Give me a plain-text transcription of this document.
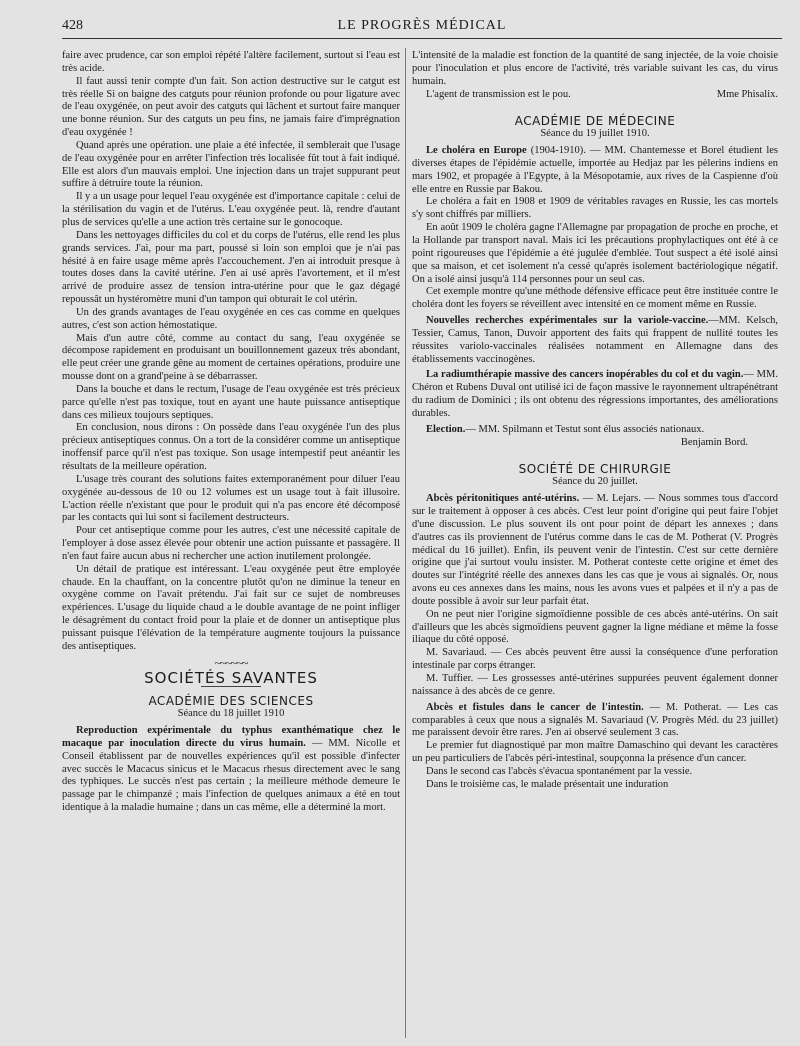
428	LE PROGRÈS MÉDICAL

faire avec prudence, car son emploi répété l'altère facilement, surtout si l'eau est très acide.

Il faut aussi tenir compte d'un fait. Son action destructive sur le catgut est très réelle Si on baigne des catguts pour réunion profonde ou pour ligature avec de l'eau oxygénée, on peut avoir des catguts qui lâchent et surtout faire manquer une bonne réunion. Sur des catguts un peu fins, ne jamais faire d'imprégnation d'eau oxygénée !

Quand après une opération. une plaie a été infectée, il semblerait que l'usage de l'eau oxygénée pour en arrêter l'infection très localisée fût tout à fait indiqué. Elle est alors d'un mauvais emploi. Une injection dans un trajet suppurant peut suffire à détruire toute la réunion.

Il y a un usage pour lequel l'eau oxygénée est d'importance capitale : celui de la stérilisation du vagin et de l'utérus. L'eau oxygénée peut. là, rendre d'autant plus de services qu'elle a une action très certaine sur le gonocoque.

Dans les nettoyages difficiles du col et du corps de l'utérus, elle rend les plus grands services. J'ai, pour ma part, poussé si loin son emploi que je n'ai pas hésité à en faire usage même après l'accouchement. J'en ai introduit presque à toutes doses dans la cavité utérine. J'en ai usé après l'avortement, et il m'est arrivé de produire assez de tension intra-utérine pour que le gaz dégagé repoussât un hystéromètre muni d'un tampon qui obturait le col utérin.

Un des grands avantages de l'eau oxygénée en ces cas comme en quelques autres, c'est son action hémostatique.

Mais d'un autre côté, comme au contact du sang, l'eau oxygénée se décompose rapidement en produisant un bouillonnement gazeux très abondant, elle peut créer une grande gêne au moment de certaines opérations, produire une mousse dont on a grand'peine à se débarrasser.

Dans la bouche et dans le rectum, l'usage de l'eau oxygénée est très précieux parce qu'elle n'est pas toxique, tout en ayant une haute puissance antiseptique dans ces milieux toujours septiques.

En conclusion, nous dirons : On possède dans l'eau oxygénée l'un des plus précieux antiseptiques connus. On a tort de la considérer comme un antiseptique inoffensif parce qu'il n'est pas toxique. Son usage intempestif peut anéantir les résultats de la meilleure opération.

L'usage très courant des solutions faites extemporanément pour diluer l'eau oxygénée au-dessous de 10 ou 12 volumes est un usage tout à fait illusoire. L'action réelle n'existant que pour le produit qui n'a pas encore été décomposé par les contacts qui lui sont si facilement destructeurs.

Pour cet antiseptique comme pour les autres, c'est une nécessité capitale de l'employer à dose assez élevée pour obtenir une action puissante et passagère. Il n'en faut faire aucun abus ni rechercher une action inutilement prolongée.

Un détail de pratique est intéressant. L'eau oxygénée peut être employée chaude. En la chauffant, on la concentre plutôt qu'on ne diminue la teneur en oxygène comme on l'avait prétendu. J'ai fait sur ce sujet de nombreuses expériences. L'usage du liquide chaud a le double avantage de ne point infliger le désagrément du contact froid pour la plaie et de donner un antiseptique plus puissant puisque l'élévation de la température augmente toujours la puissance des antiseptiques.

~~~~~~
SOCIÉTÉS SAVANTES
ACADÉMIE DES SCIENCES
Séance du 18 juillet 1910

Reproduction expérimentale du typhus exanthématique chez le macaque par inoculation directe du virus humain. — MM. Nicolle et Conseil établissent par de nouvelles expériences qu'il est possible d'infecter avec succès le Macacus sinicus et le Macacus rhesus directement avec le sang des typhiques. Le succès n'est pas certain ; la meilleure méthode demeure le passage par le chimpanzé ; mais l'infection de quelques animaux a été en tout identique à la maladie humaine ; dans un cas même, elle a déterminé la mort.

L'intensité de la maladie est fonction de la quantité de sang injectée, de la voie choisie pour l'inoculation et plus encore de l'activité, très variable suivant les cas, du virus humain.

L'agent de transmission est le pou.	Mme Phisalix.

ACADÉMIE DE MÉDECINE
Séance du 19 juillet 1910.

Le choléra en Europe (1904-1910). — MM. Chantemesse et Borel étudient les diverses étapes de l'épidémie actuelle, importée au Hedjaz par les pèlerins indiens en mars 1902, et propagée à l'Egypte, à la Mésopotamie, aux rives de la Caspienne d'où elle entre en Russie par Bakou.

Le choléra a fait en 1908 et 1909 de véritables ravages en Russie, les cas mortels s'y sont chiffrés par milliers.

En août 1909 le choléra gagne l'Allemagne par propagation de proche en proche, et la Hollande par transport naval. Mais ici les précautions prophylactiques ont été à ce point rigoureuses que l'épidémie a été jugulée d'emblée. Tout suspect a été isolé ainsi que sa maison, et cet isolement n'a cessé qu'après isolement bactériologique négatif. On a isolé ainsi jusqu'à 114 personnes pour un seul cas.

Cet exemple montre qu'une méthode défensive efficace peut être instituée contre le choléra dont les foyers se réveillent avec intensité en ce moment même en Russie.

Nouvelles recherches expérimentales sur la variole-vaccine.—MM. Kelsch, Tessier, Camus, Tanon, Duvoir apportent des faits qui frappent de nullité toutes les réussites variolo-vaccinales réalisées notamment en Allemagne dans des établissements vaccinogènes.

La radiumthérapie massive des cancers inopérables du col et du vagin.— MM. Chéron et Rubens Duval ont utilisé ici de façon massive le rayonnement ultrapénétrant du radium de Dominici ; ils ont obtenu des régressions importantes, des améliorations durables.

Election.— MM. Spilmann et Testut sont élus associés nationaux.

Benjamin Bord.

SOCIÉTÉ DE CHIRURGIE
Séance du 20 juillet.

Abcès péritonitiques anté-utérins. — M. Lejars. — Nous sommes tous d'accord sur le traitement à opposer à ces abcès. C'est leur point d'origine qui peut faire l'objet d'une discussion. Le plus souvent ils ont pour point de départ les annexes ; dans d'autres cas ils proviennent de l'utérus comme dans le cas de M. Potherat (V. Progrès médical du 16 juillet). Enfin, ils peuvent venir de l'intestin. C'est sur cette dernière origine que j'ai surtout voulu insister. M. Potherat conteste cette origine et émet des doutes sur l'intégrité réelle des annexes dans les cas que je vous ai signalés. Or, nous avons eu ces annexes dans les mains, nous les avons vues et palpées et il n'y a pas de doute possible à avoir sur leur parfait état.

On ne peut nier l'origine sigmoïdienne possible de ces abcès anté-utérins. On sait d'ailleurs que les abcès sigmoïdiens peuvent gagner la ligne médiane et même la fosse iliaque du côté opposé.

M. Savariaud. — Ces abcès peuvent être aussi la conséquence d'une perforation intestinale par corps étranger.

M. Tuffier. — Les grossesses anté-utérines suppurées peuvent également donner naissance à des abcès de ce genre.

Abcès et fistules dans le cancer de l'intestin. — M. Potherat. — Les cas comparables à ceux que nous a signalés M. Savariaud (V. Progrès Méd. du 23 juillet) me paraissent devoir être rares. J'en ai observé seulement 3 cas.

Le premier fut diagnostiqué par mon maître Damaschino qui devant les caractères un peu particuliers de l'abcès péri-intestinal, soupçonna la présence d'un cancer.

Dans le second cas l'abcès s'évacua spontanément par la vessie.

Dans le troisième cas, le malade présentait une induration
